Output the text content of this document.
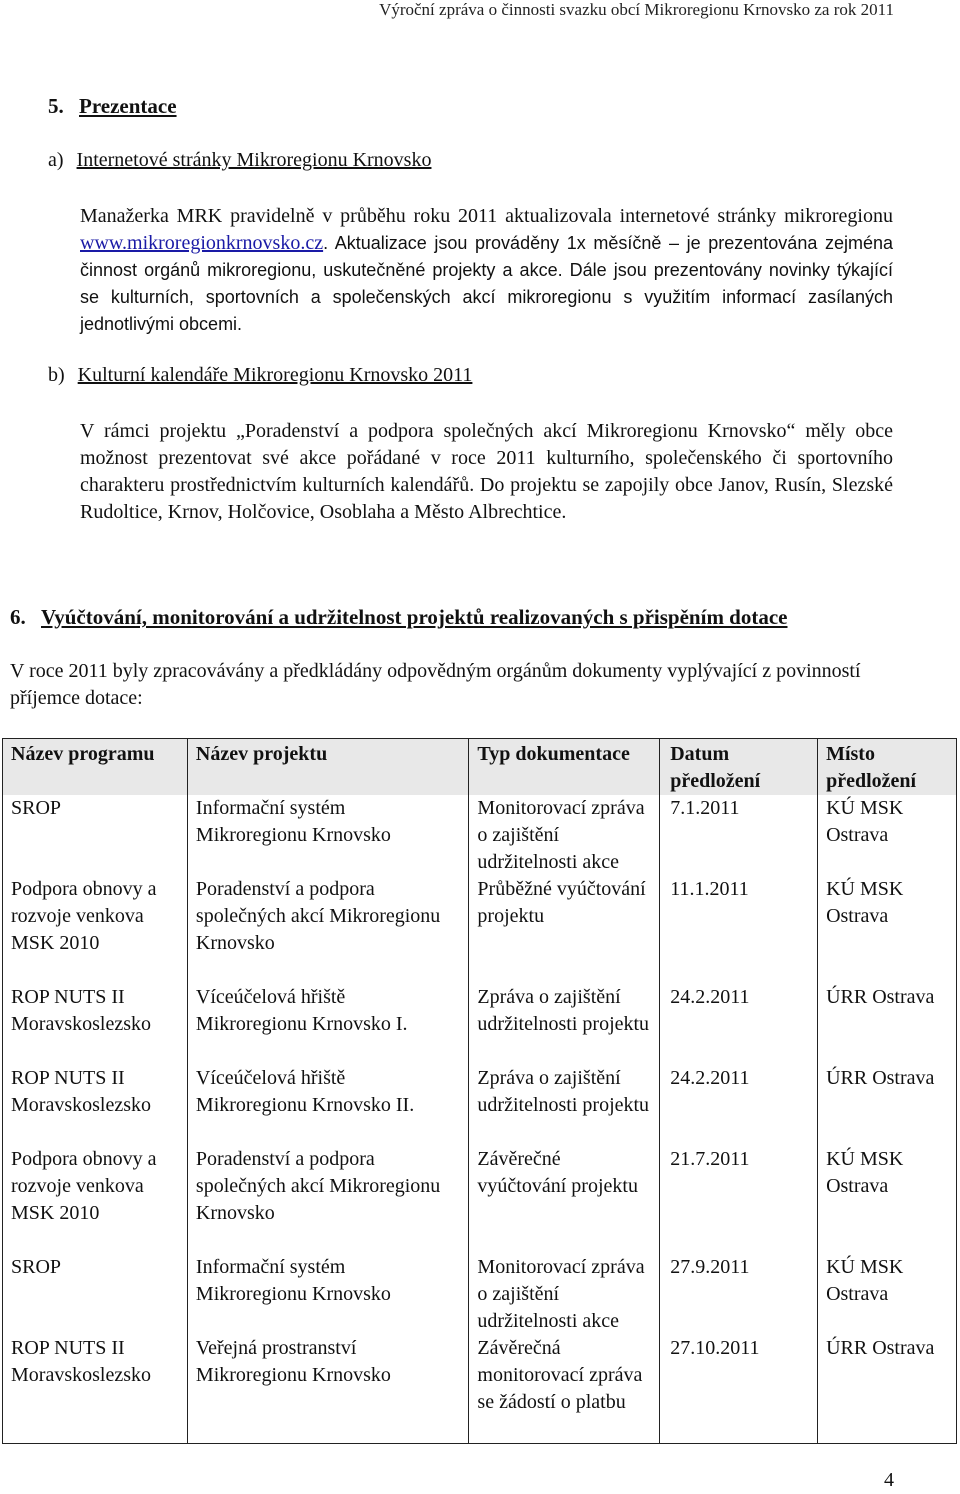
Výroční zpráva o činnosti svazku obcí Mikroregionu Krnovsko za rok 2011
5. Prezentace
a) Internetové stránky Mikroregionu Krnovsko
Manažerka MRK pravidelně v průběhu roku 2011 aktualizovala internetové stránky mikroregionu www.mikroregionkrnovsko.cz. Aktualizace jsou prováděny 1x měsíčně – je prezentována zejména činnost orgánů mikroregionu, uskutečněné projekty a akce. Dále jsou prezentovány novinky týkající se kulturních, sportovních a společenských akcí mikroregionu s využitím informací zasílaných jednotlivými obcemi.
b) Kulturní kalendáře Mikroregionu Krnovsko 2011
V rámci projektu „Poradenství a podpora společných akcí Mikroregionu Krnovsko“ měly obce možnost prezentovat své akce pořádané v roce 2011 kulturního, společenského či sportovního charakteru prostřednictvím kulturních kalendářů. Do projektu se zapojily obce Janov, Rusín, Slezské Rudoltice, Krnov, Holčovice, Osoblaha a Město Albrechtice.
6. Vyúčtování, monitorování a udržitelnost projektů realizovaných s přispěním dotace
V roce 2011 byly zpracovávány a předkládány odpovědným orgánům dokumenty vyplývající z povinností příjemce dotace:
Název programu	Název projektu	Typ dokumentace	Datum předložení	Místo předložení
SROP	Informační systém Mikroregionu Krnovsko	Monitorovací zpráva o zajištění udržitelnosti akce	7.1.2011	KÚ MSK Ostrava
Podpora obnovy a rozvoje venkova MSK 2010	Poradenství a podpora společných akcí Mikroregionu Krnovsko	Průběžné vyúčtování projektu	11.1.2011	KÚ MSK Ostrava
ROP NUTS II Moravskoslezsko	Víceúčelová hřiště Mikroregionu Krnovsko I.	Zpráva o zajištění udržitelnosti projektu	24.2.2011	ÚRR Ostrava
ROP NUTS II Moravskoslezsko	Víceúčelová hřiště Mikroregionu Krnovsko II.	Zpráva o zajištění udržitelnosti projektu	24.2.2011	ÚRR Ostrava
Podpora obnovy a rozvoje venkova MSK 2010	Poradenství a podpora společných akcí Mikroregionu Krnovsko	Závěrečné vyúčtování projektu	21.7.2011	KÚ MSK Ostrava
SROP	Informační systém Mikroregionu Krnovsko	Monitorovací zpráva o zajištění udržitelnosti akce	27.9.2011	KÚ MSK Ostrava
ROP NUTS II Moravskoslezsko	Veřejná prostranství Mikroregionu Krnovsko	Závěrečná monitorovací zpráva se žádostí o platbu	27.10.2011	ÚRR Ostrava
4
